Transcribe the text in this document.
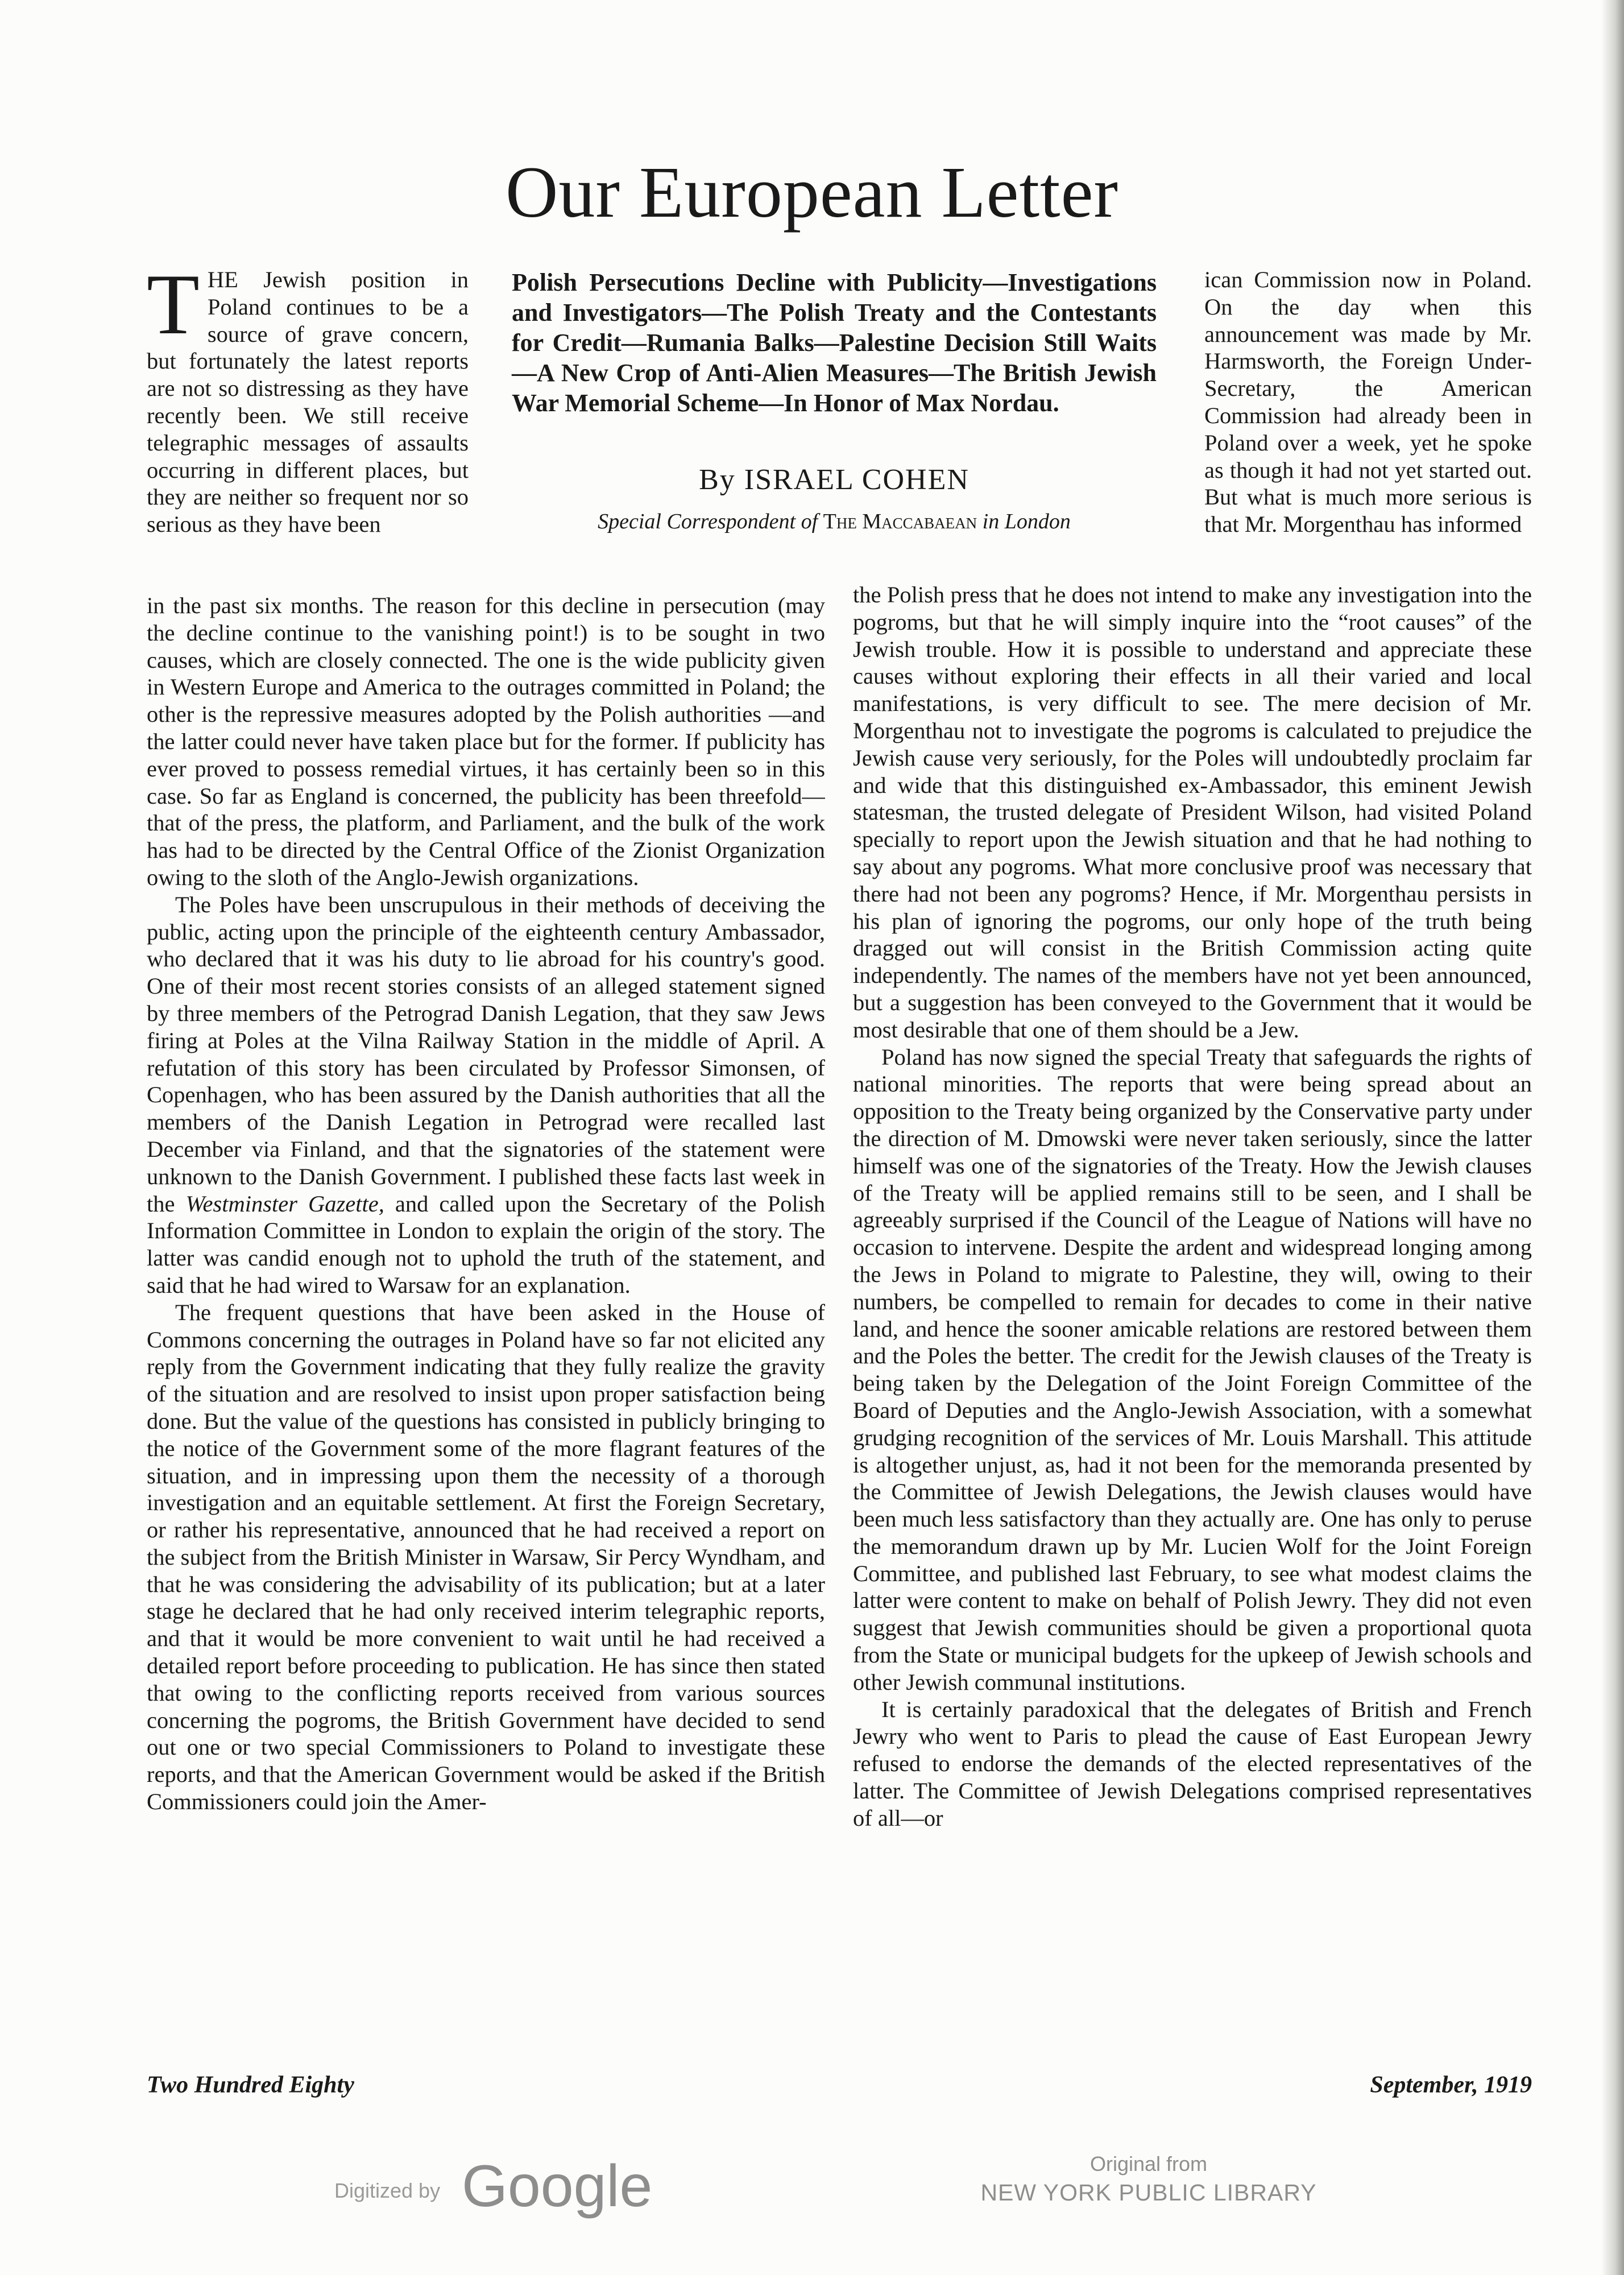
Our European Letter

THE Jewish position in Poland continues to be a source of grave concern, but fortunately the latest reports are not so distressing as they have recently been. We still receive telegraphic messages of assaults occurring in different places, but they are neither so frequent nor so serious as they have been

Polish Persecutions Decline with Publicity—Investigations and Investigators—The Polish Treaty and the Contestants for Credit—Rumania Balks—Palestine Decision Still Waits—A New Crop of Anti-Alien Measures—The British Jewish War Memorial Scheme—In Honor of Max Nordau.
By ISRAEL COHEN
Special Correspondent of The Maccabaean in London

ican Commission now in Poland. On the day when this announcement was made by Mr. Harmsworth, the Foreign Under-Secretary, the American Commission had already been in Poland over a week, yet he spoke as though it had not yet started out. But what is much more serious is that Mr. Morgenthau has informed

in the past six months. The reason for this decline in persecution (may the decline continue to the vanishing point!) is to be sought in two causes, which are closely connected. The one is the wide publicity given in Western Europe and America to the outrages committed in Poland; the other is the repressive measures adopted by the Polish authorities —and the latter could never have taken place but for the former. If publicity has ever proved to possess remedial virtues, it has certainly been so in this case. So far as England is concerned, the publicity has been threefold— that of the press, the platform, and Parliament, and the bulk of the work has had to be directed by the Central Office of the Zionist Organization owing to the sloth of the Anglo-Jewish organizations.

The Poles have been unscrupulous in their methods of deceiving the public, acting upon the principle of the eighteenth century Ambassador, who declared that it was his duty to lie abroad for his country's good. One of their most recent stories consists of an alleged statement signed by three members of the Petrograd Danish Legation, that they saw Jews firing at Poles at the Vilna Railway Station in the middle of April. A refutation of this story has been circulated by Professor Simonsen, of Copenhagen, who has been assured by the Danish authorities that all the members of the Danish Legation in Petrograd were recalled last December via Finland, and that the signatories of the statement were unknown to the Danish Government. I published these facts last week in the Westminster Gazette, and called upon the Secretary of the Polish Information Committee in London to explain the origin of the story. The latter was candid enough not to uphold the truth of the statement, and said that he had wired to Warsaw for an explanation.

The frequent questions that have been asked in the House of Commons concerning the outrages in Poland have so far not elicited any reply from the Government indicating that they fully realize the gravity of the situation and are resolved to insist upon proper satisfaction being done. But the value of the questions has consisted in publicly bringing to the notice of the Government some of the more flagrant features of the situation, and in impressing upon them the necessity of a thorough investigation and an equitable settlement. At first the Foreign Secretary, or rather his representative, announced that he had received a report on the subject from the British Minister in Warsaw, Sir Percy Wyndham, and that he was considering the advisability of its publication; but at a later stage he declared that he had only received interim telegraphic reports, and that it would be more convenient to wait until he had received a detailed report before proceeding to publication. He has since then stated that owing to the conflicting reports received from various sources concerning the pogroms, the British Government have decided to send out one or two special Commissioners to Poland to investigate these reports, and that the American Government would be asked if the British Commissioners could join the Amer-

the Polish press that he does not intend to make any investigation into the pogroms, but that he will simply inquire into the “root causes” of the Jewish trouble. How it is possible to understand and appreciate these causes without exploring their effects in all their varied and local manifestations, is very difficult to see. The mere decision of Mr. Morgenthau not to investigate the pogroms is calculated to prejudice the Jewish cause very seriously, for the Poles will undoubtedly proclaim far and wide that this distinguished ex-Ambassador, this eminent Jewish statesman, the trusted delegate of President Wilson, had visited Poland specially to report upon the Jewish situation and that he had nothing to say about any pogroms. What more conclusive proof was necessary that there had not been any pogroms? Hence, if Mr. Morgenthau persists in his plan of ignoring the pogroms, our only hope of the truth being dragged out will consist in the British Commission acting quite independently. The names of the members have not yet been announced, but a suggestion has been conveyed to the Government that it would be most desirable that one of them should be a Jew.

Poland has now signed the special Treaty that safeguards the rights of national minorities. The reports that were being spread about an opposition to the Treaty being organized by the Conservative party under the direction of M. Dmowski were never taken seriously, since the latter himself was one of the signatories of the Treaty. How the Jewish clauses of the Treaty will be applied remains still to be seen, and I shall be agreeably surprised if the Council of the League of Nations will have no occasion to intervene. Despite the ardent and widespread longing among the Jews in Poland to migrate to Palestine, they will, owing to their numbers, be compelled to remain for decades to come in their native land, and hence the sooner amicable relations are restored between them and the Poles the better. The credit for the Jewish clauses of the Treaty is being taken by the Delegation of the Joint Foreign Committee of the Board of Deputies and the Anglo-Jewish Association, with a somewhat grudging recognition of the services of Mr. Louis Marshall. This attitude is altogether unjust, as, had it not been for the memoranda presented by the Committee of Jewish Delegations, the Jewish clauses would have been much less satisfactory than they actually are. One has only to peruse the memorandum drawn up by Mr. Lucien Wolf for the Joint Foreign Committee, and published last February, to see what modest claims the latter were content to make on behalf of Polish Jewry. They did not even suggest that Jewish communities should be given a proportional quota from the State or municipal budgets for the upkeep of Jewish schools and other Jewish communal institutions.

It is certainly paradoxical that the delegates of British and French Jewry who went to Paris to plead the cause of East European Jewry refused to endorse the demands of the elected representatives of the latter. The Committee of Jewish Delegations comprised representatives of all—or

Two Hundred Eighty	September, 1919
Digitized by Google	Original from
NEW YORK PUBLIC LIBRARY
